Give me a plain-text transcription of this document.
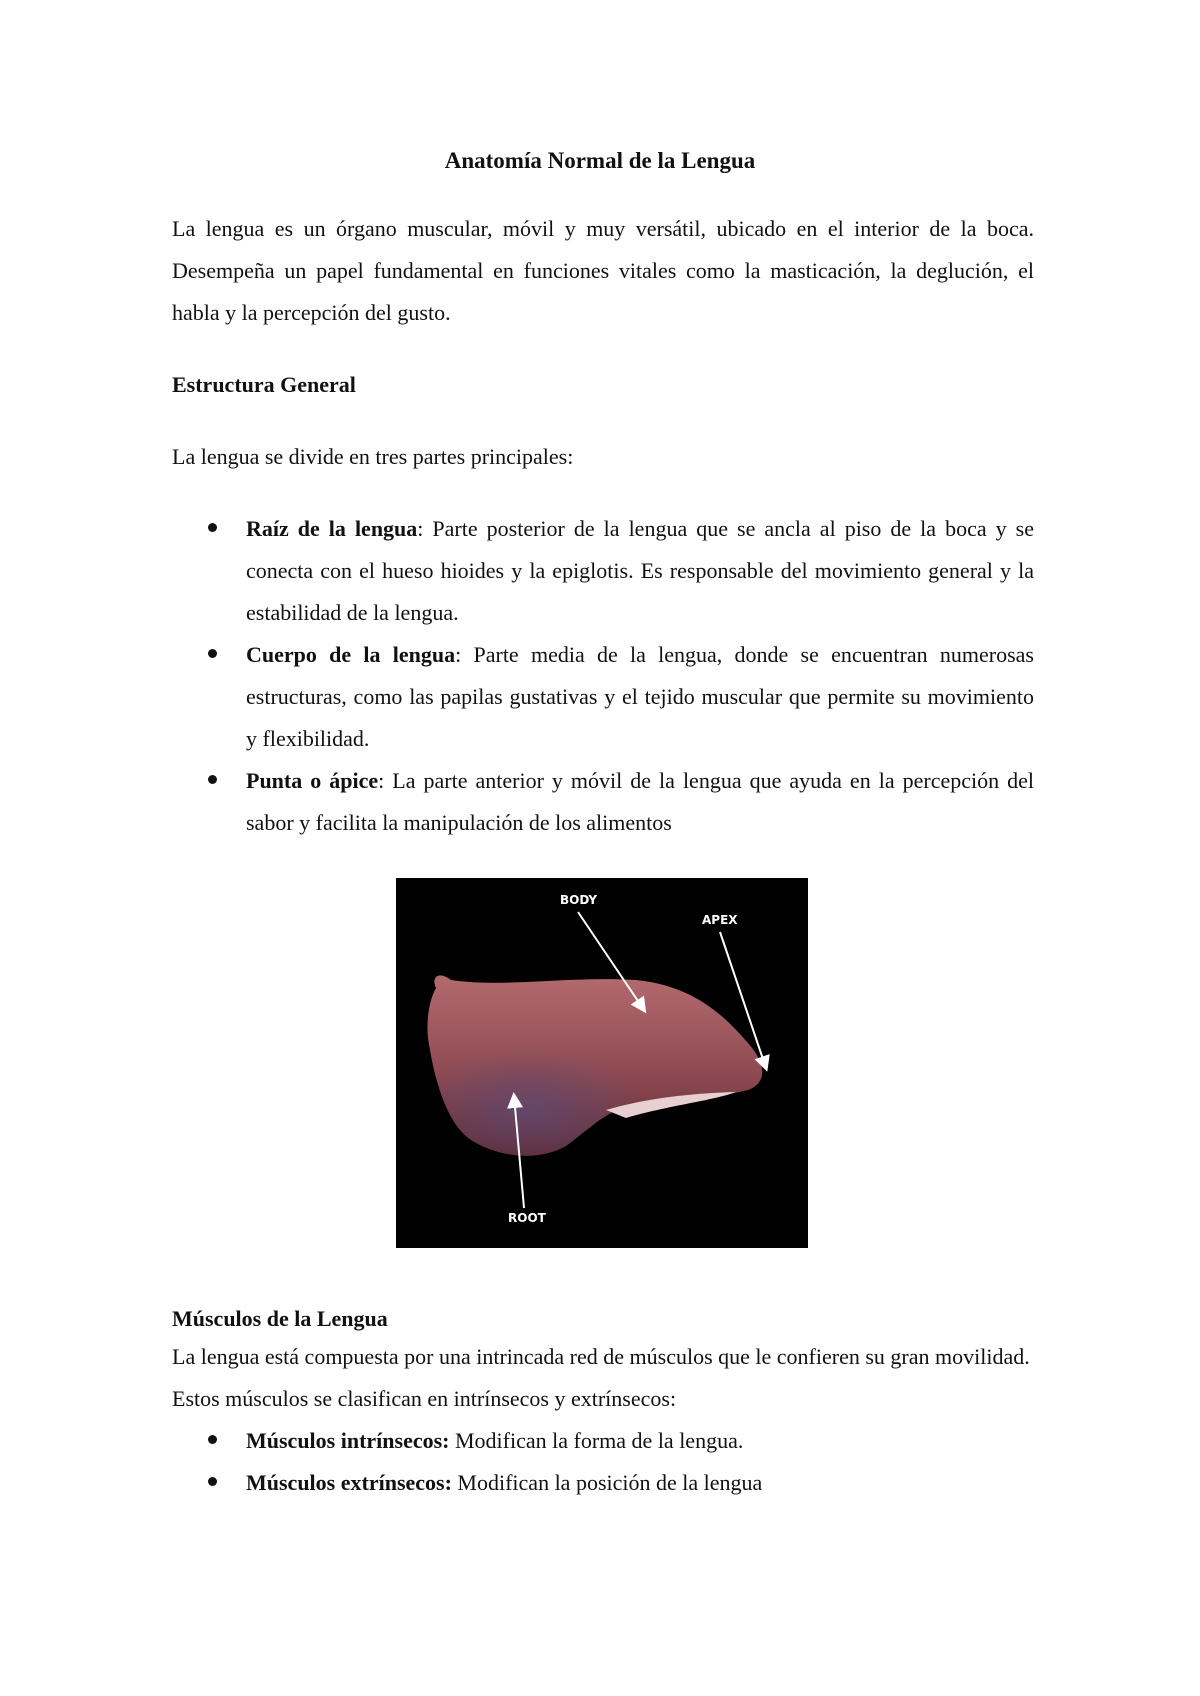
Anatomía Normal de la Lengua

La lengua es un órgano muscular, móvil y muy versátil, ubicado en el interior de la boca. Desempeña un papel fundamental en funciones vitales como la masticación, la deglución, el habla y la percepción del gusto.

Estructura General

La lengua se divide en tres partes principales:

Raíz de la lengua: Parte posterior de la lengua que se ancla al piso de la boca y se conecta con el hueso hioides y la epiglotis. Es responsable del movimiento general y la estabilidad de la lengua.
Cuerpo de la lengua: Parte media de la lengua, donde se encuentran numerosas estructuras, como las papilas gustativas y el tejido muscular que permite su movimiento y flexibilidad.
Punta o ápice: La parte anterior y móvil de la lengua que ayuda en la percepción del sabor y facilita la manipulación de los alimentos
BODY
APEX
ROOT
Músculos de la Lengua

La lengua está compuesta por una intrincada red de músculos que le confieren su gran movilidad. Estos músculos se clasifican en intrínsecos y extrínsecos:

Músculos intrínsecos: Modifican la forma de la lengua.
Músculos extrínsecos: Modifican la posición de la lengua
